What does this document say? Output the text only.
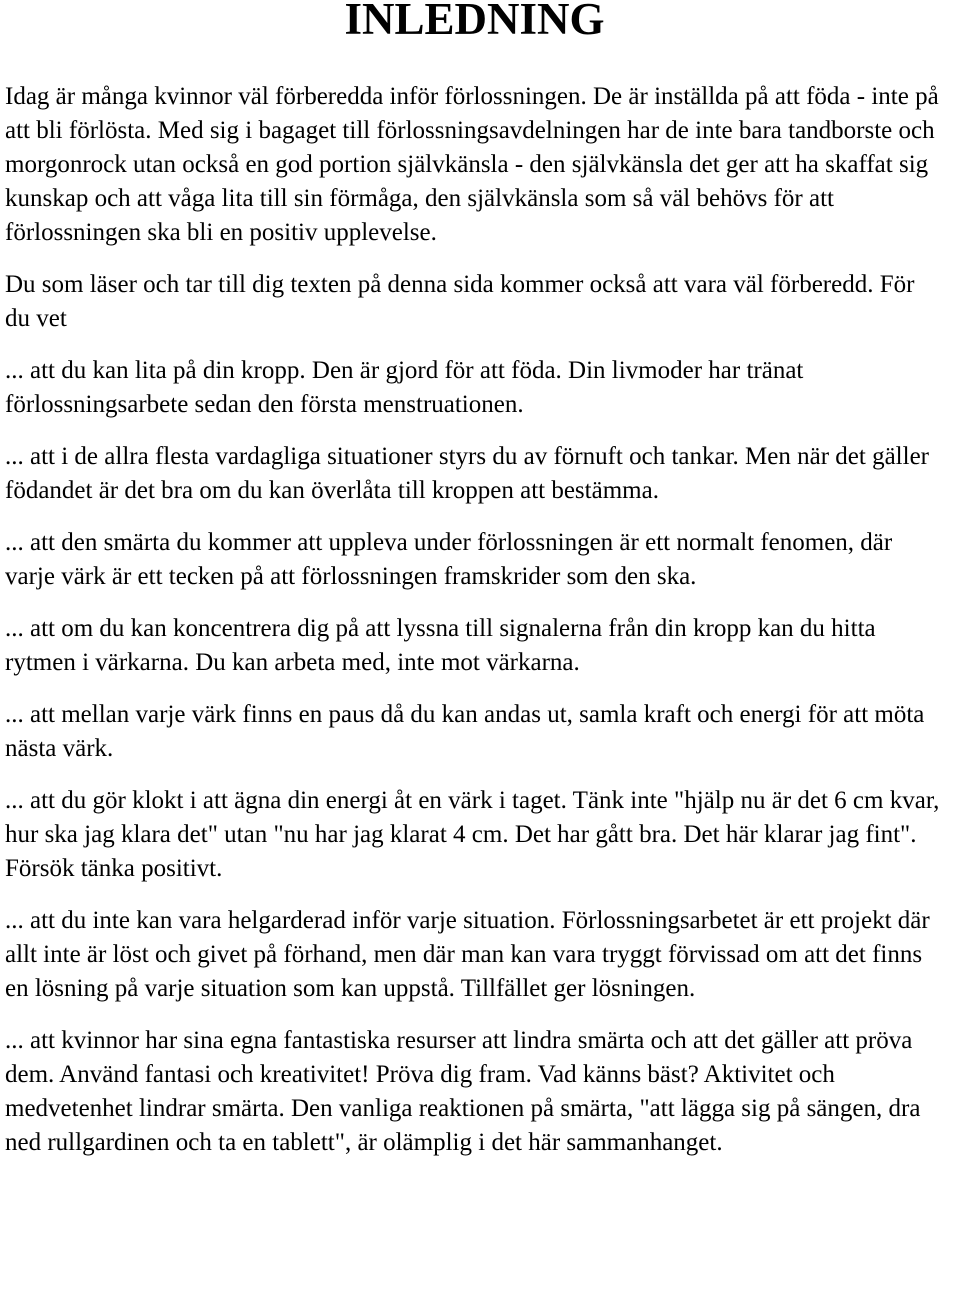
INLEDNING

Idag är många kvinnor väl förberedda inför förlossningen. De är inställda på att föda - inte på att bli förlösta. Med sig i bagaget till förlossningsavdelningen har de inte bara tandborste och morgonrock utan också en god portion självkänsla - den självkänsla det ger att ha skaffat sig kunskap och att våga lita till sin förmåga, den självkänsla som så väl behövs för att förlossningen ska bli en positiv upplevelse.

Du som läser och tar till dig texten på denna sida kommer också att vara väl förberedd. För du vet

... att du kan lita på din kropp. Den är gjord för att föda. Din livmoder har tränat förlossningsarbete sedan den första menstruationen.

... att i de allra flesta vardagliga situationer styrs du av förnuft och tankar. Men när det gäller födandet är det bra om du kan överlåta till kroppen att bestämma.

... att den smärta du kommer att uppleva under förlossningen är ett normalt fenomen, där varje värk är ett tecken på att förlossningen framskrider som den ska.

... att om du kan koncentrera dig på att lyssna till signalerna från din kropp kan du hitta rytmen i värkarna. Du kan arbeta med, inte mot värkarna.

... att mellan varje värk finns en paus då du kan andas ut, samla kraft och energi för att möta nästa värk.

... att du gör klokt i att ägna din energi åt en värk i taget. Tänk inte "hjälp nu är det 6 cm kvar, hur ska jag klara det" utan "nu har jag klarat 4 cm. Det har gått bra. Det här klarar jag fint". Försök tänka positivt.

... att du inte kan vara helgarderad inför varje situation. Förlossningsarbetet är ett projekt där allt inte är löst och givet på förhand, men där man kan vara tryggt förvissad om att det finns en lösning på varje situation som kan uppstå. Tillfället ger lösningen.

... att kvinnor har sina egna fantastiska resurser att lindra smärta och att det gäller att pröva dem. Använd fantasi och kreativitet! Pröva dig fram. Vad känns bäst? Aktivitet och medvetenhet lindrar smärta. Den vanliga reaktionen på smärta, "att lägga sig på sängen, dra ned rullgardinen och ta en tablett", är olämplig i det här sammanhanget.
